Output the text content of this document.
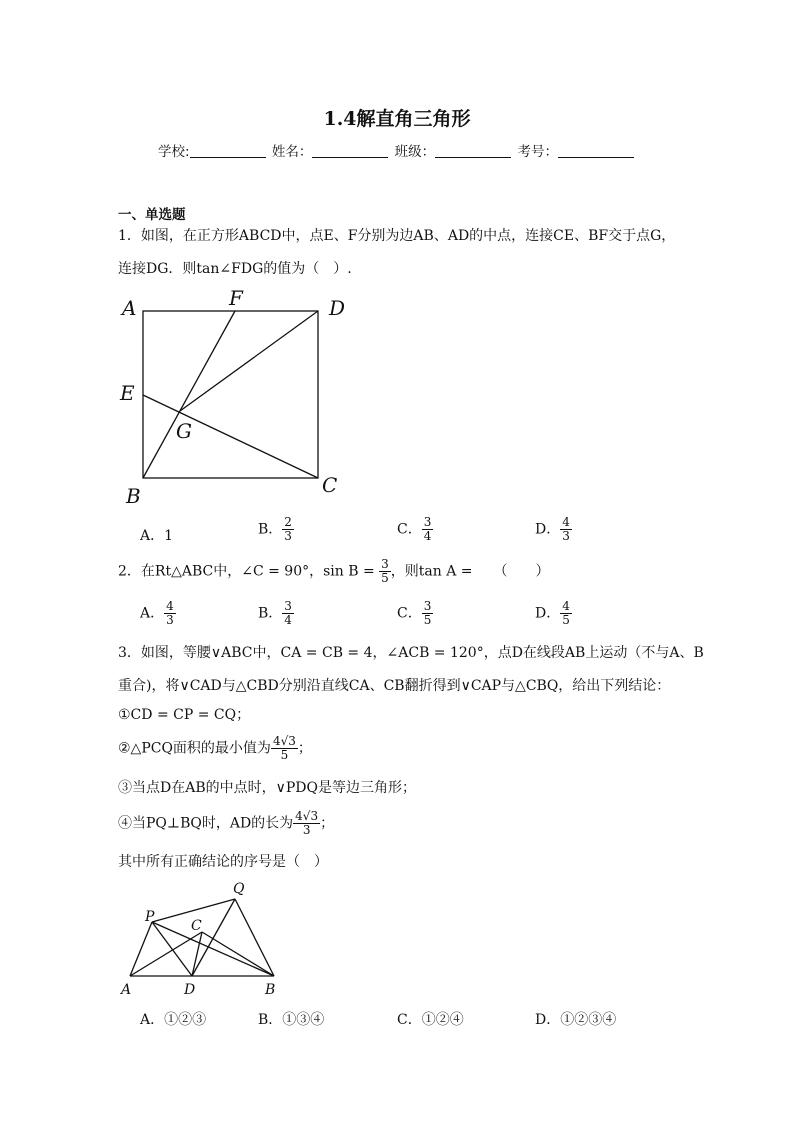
1.4解直角三角形
学校:	姓名：	班级：	考号：
一、单选题
1．如图，在正方形ABCD中，点E、F分别为边AB、AD的中点，连接CE、BF交于点G，
连接DG．则tan∠FDG的值为（　）.
A	F	D
E
G
B	C
A．1	B． $\frac{2}{3}$	C． $\frac{3}{4}$	D． $\frac{4}{3}$
2．在Rt△ABC中，∠C = 90°，$\sin B = \frac{3}{5}$ ，则tan A =　　（　　）
A． $\frac{4}{3}$	B． $\frac{3}{4}$	C． $\frac{3}{5}$	D． $\frac{4}{5}$
3．如图，等腰∨ABC中，CA = CB = 4，∠ACB = 120°，点D在线段AB上运动（不与A、B
重合)，将∨CAD与△CBD分别沿直线CA、CB翻折得到∨CAP与△CBQ，给出下列结论：
①CD = CP = CQ；
②△PCQ面积的最小值为 $\frac{4√3}{5}$ ；
③当点D在AB的中点时，∨PDQ是等边三角形；
④当PQ⊥BQ时，AD的长为 $\frac{4√3}{3}$ ；
其中所有正确结论的序号是（　）
P
Q
C
A	D	B
A．①②③	B．①③④	C．①②④	D．①②③④
